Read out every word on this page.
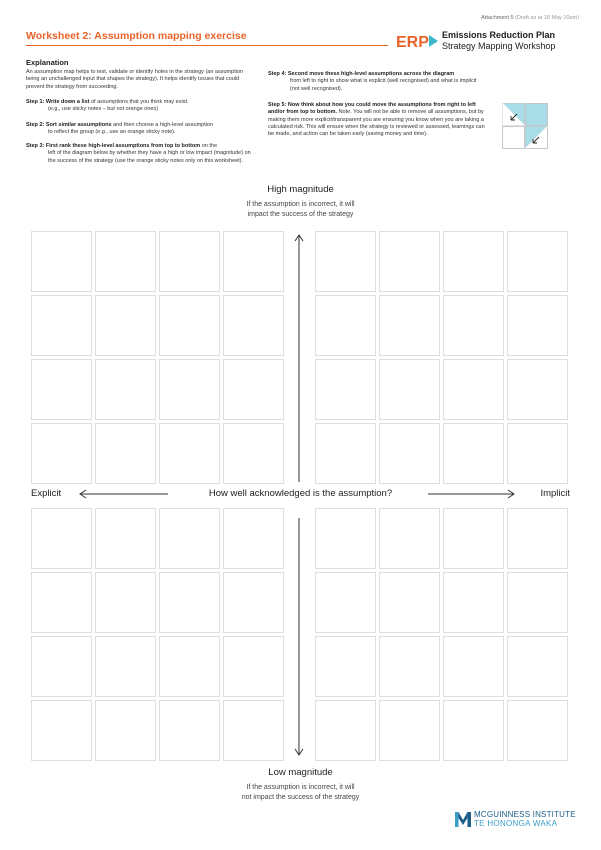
Attachment 5 (Draft as at 18 May 10am)
Worksheet 2: Assumption mapping exercise	ERP Emissions Reduction Plan
Strategy Mapping Workshop
Explanation
An assumption map helps to test, validate or identify holes in the strategy (an assumption being an unchallenged input that shapes the strategy). It helps identify issues that could prevent the strategy from succeeding.
Step 1: Write down a list of assumptions that you think may exist.
(e.g., use sticky notes – but not orange ones)
Step 2: Sort similar assumptions and then choose a high-level assumption
to reflect the group (e.g., use an orange sticky note).
Step 3: First rank these high-level assumptions from top to bottom on the
left of the diagram below by whether they have a high or low impact (magnitude) on the success of the strategy (use the orange sticky notes only on this worksheet).
Step 4: Second move these high-level assumptions across the diagram
from left to right to show what is explicit (well recognised) and what is implicit (not well recognised).
Step 5: Now think about how you could move the assumptions from right to left and/or from top to bottom. Note. You will not be able to remove all assumptions, but by making them more explicit/transparent you are ensuring you know when you are taking a calculated risk. This will ensure when the strategy is reviewed or assessed, learnings can be made, and action can be taken early (saving money and time).
High magnitude
If the assumption is incorrect, it will
impact the success of the strategy
Explicit	How well acknowledged is the assumption?	Implicit
Low magnitude
If the assumption is incorrect, it will
not impact the success of the strategy
MCGUINNESS INSTITUTE
TE HONONGA WAKA
